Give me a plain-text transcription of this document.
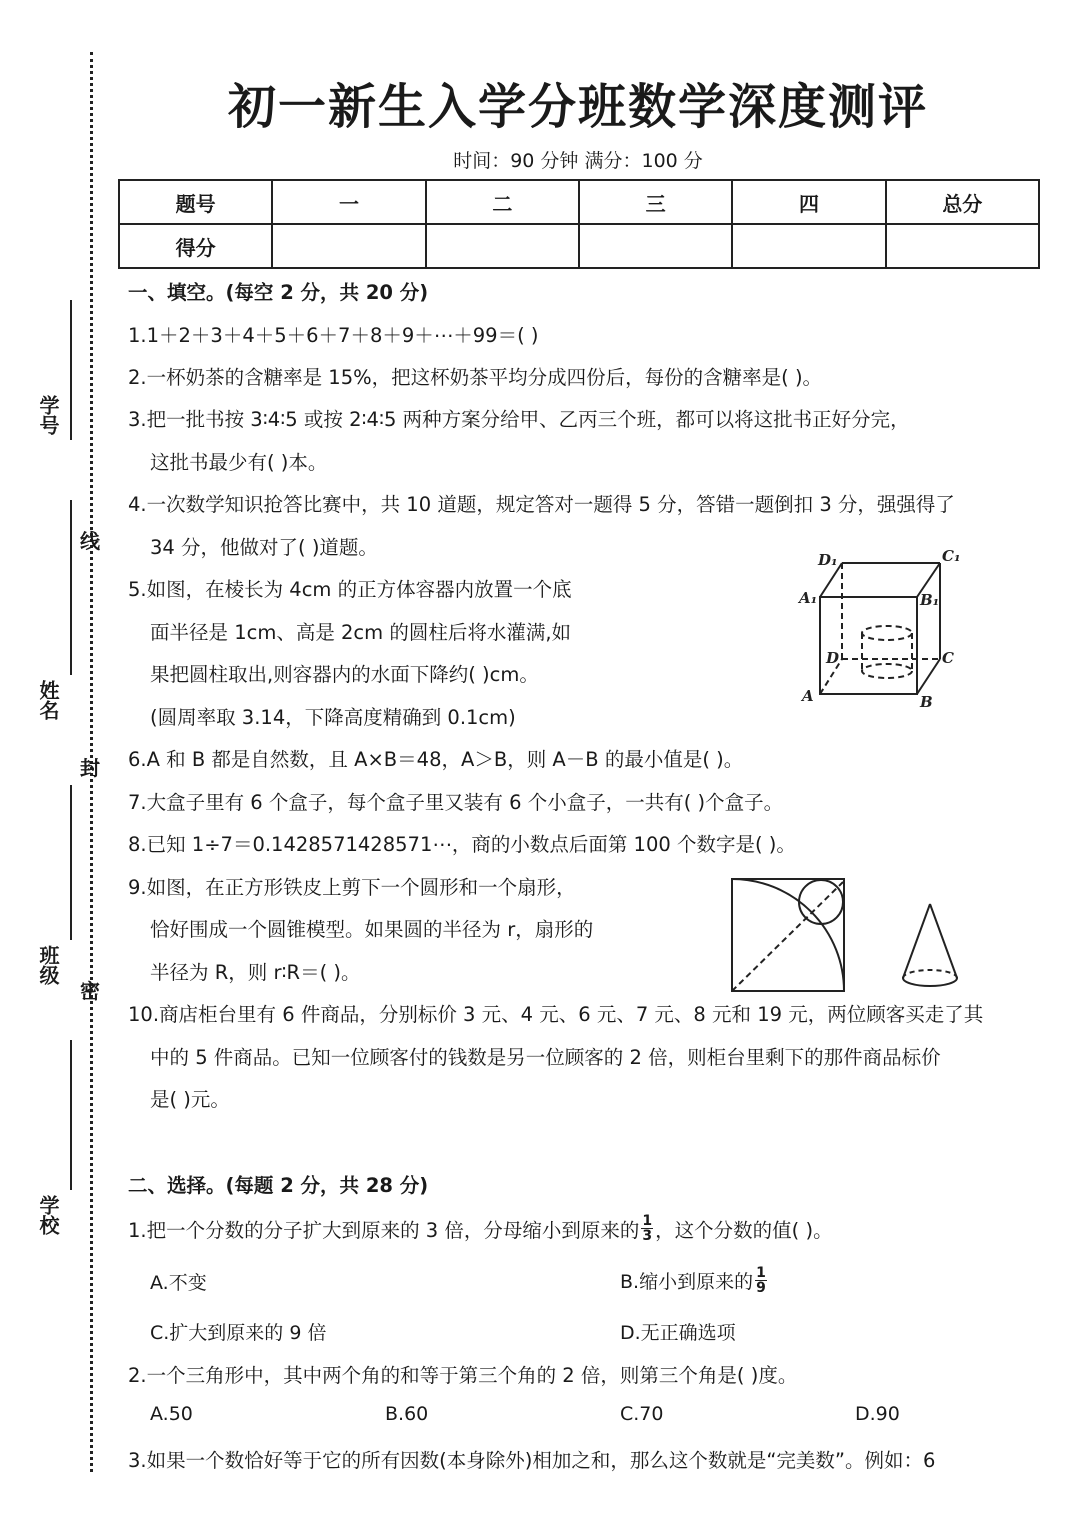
学号
姓名
班级
学校
线
封
密
初一新生入学分班数学深度测评
时间：90 分钟 满分：100 分
题号	一	二	三	四	总分
得分					
一、填空。(每空 2 分，共 20 分)
1.1＋2＋3＋4＋5＋6＋7＋8＋9＋⋯＋99＝( )
2.一杯奶茶的含糖率是 15%，把这杯奶茶平均分成四份后，每份的含糖率是( )。
3.把一批书按 3∶4∶5 或按 2∶4∶5 两种方案分给甲、乙丙三个班，都可以将这批书正好分完，
这批书最少有( )本。
4.一次数学知识抢答比赛中，共 10 道题，规定答对一题得 5 分，答错一题倒扣 3 分，强强得了
34 分，他做对了( )道题。
5.如图，在棱长为 4cm 的正方体容器内放置一个底
面半径是 1cm、高是 2cm 的圆柱后将水灌满,如
果把圆柱取出,则容器内的水面下降约( )cm。
(圆周率取 3.14，下降高度精确到 0.1cm)
6.A 和 B 都是自然数，且 A×B＝48，A＞B，则 A－B 的最小值是( )。
7.大盒子里有 6 个盒子，每个盒子里又装有 6 个小盒子，一共有( )个盒子。
8.已知 1÷7＝0.1428571428571⋯，商的小数点后面第 100 个数字是( )。
9.如图，在正方形铁皮上剪下一个圆形和一个扇形，
恰好围成一个圆锥模型。如果圆的半径为 r，扇形的
半径为 R，则 r∶R＝( )。
10.商店柜台里有 6 件商品，分别标价 3 元、4 元、6 元、7 元、8 元和 19 元，两位顾客买走了其
中的 5 件商品。已知一位顾客付的钱数是另一位顾客的 2 倍，则柜台里剩下的那件商品标价
是( )元。
D₁	C₁
A₁	B₁
D	C
A	B
二、选择。(每题 2 分，共 28 分)
1.把一个分数的分子扩大到原来的 3 倍，分母缩小到原来的 $\frac{1}{3}$ ，这个分数的值( )。
A.不变	B.缩小到原来的 $\frac{1}{9}$
C.扩大到原来的 9 倍	D.无正确选项
2.一个三角形中，其中两个角的和等于第三个角的 2 倍，则第三个角是( )度。
A.50	B.60	C.70	D.90
3.如果一个数恰好等于它的所有因数(本身除外)相加之和，那么这个数就是“完美数”。例如：6
